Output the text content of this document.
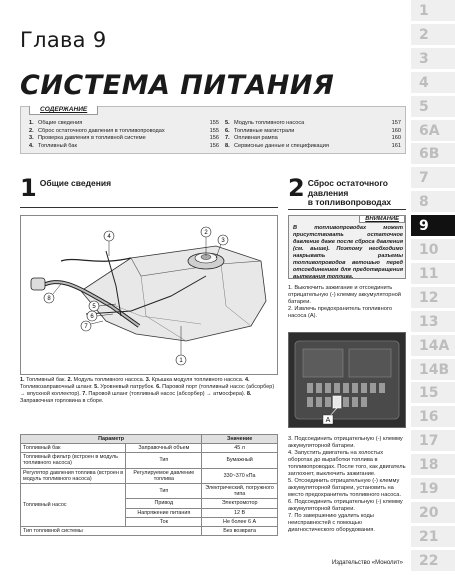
Глава 9
СИСТЕМА ПИТАНИЯ
СОДЕРЖАНИЕ
1. Общие сведения	155
2. Сброс остаточного давления в топливопроводах	155
3. Проверка давления в топливной системе	156
4. Топливный бак	156
5. Модуль топливного насоса	157
6. Топливные магистрали	160
7. Опливная рампа	160
8. Сервисные данные и спецификация	161
1 Общие сведения
1
2
3
4
5
6
7
8
1. Топливный бак. 2. Модуль топливного насоса. 3. Крышка модуля топливного насоса. 4. Топливозаправочный шланг. 5. Уровневый патрубок. 6. Паровой порт (топливный насос (абсорбер) → впускной коллектор). 7. Паровой шланг (топливный насос (абсорбер) → атмосфера). 8. Заправочная горловина в сборе.
Параметр		Значение
Топливный бак	Заправочный объем	45 л
Топливный фильтр (встроен в модуль топливного насоса)	Тип	Бумажный
Регулятор давления топлива (встроен в модуль топливного насоса)	Регулируемое давление топлива	330~370 кПа
Топливный насос	Тип	Электрический, погружного типа
	Привод	Электромотор
	Напряжение питания	12 В
	Ток	Не более 6 А
Тип топливной системы		Без возврата
2 Сброс остаточного
давления
в топливопроводах
ВНИМАНИЕ
В топливопроводах может присутствовать остаточное давление даже после сброса давления (см. выше). Поэтому необходимо накрывать разъемы топливопроводов ветошью перед отсоединением для предотвращения вытекания топлива.
1. Выключить зажигание и отсоединить отрицательную (-) клемму аккумуляторной батареи.
2. Извлечь предохранитель топливного насоса (А).
A
3. Подсоединить отрицательную (-) клемму аккумуляторной батареи.
4. Запустить двигатель на холостых оборотах до выработки топлива в топливопроводах. После того, как двигатель заглохнет, выключить зажигание.
5. Отсоединить отрицательную (-) клемму аккумуляторной батареи, установить на место предохранитель топливного насоса.
6. Подсоединить отрицательную (-) клемму аккумуляторной батареи.
7. По завершению удалить коды неисправностей с помощью диагностического оборудования.
Издательство «Монолит»
1
2
3
4
5
6A
6B
7
8
9
10
11
12
13
14A
14B
15
16
17
18
19
20
21
22
